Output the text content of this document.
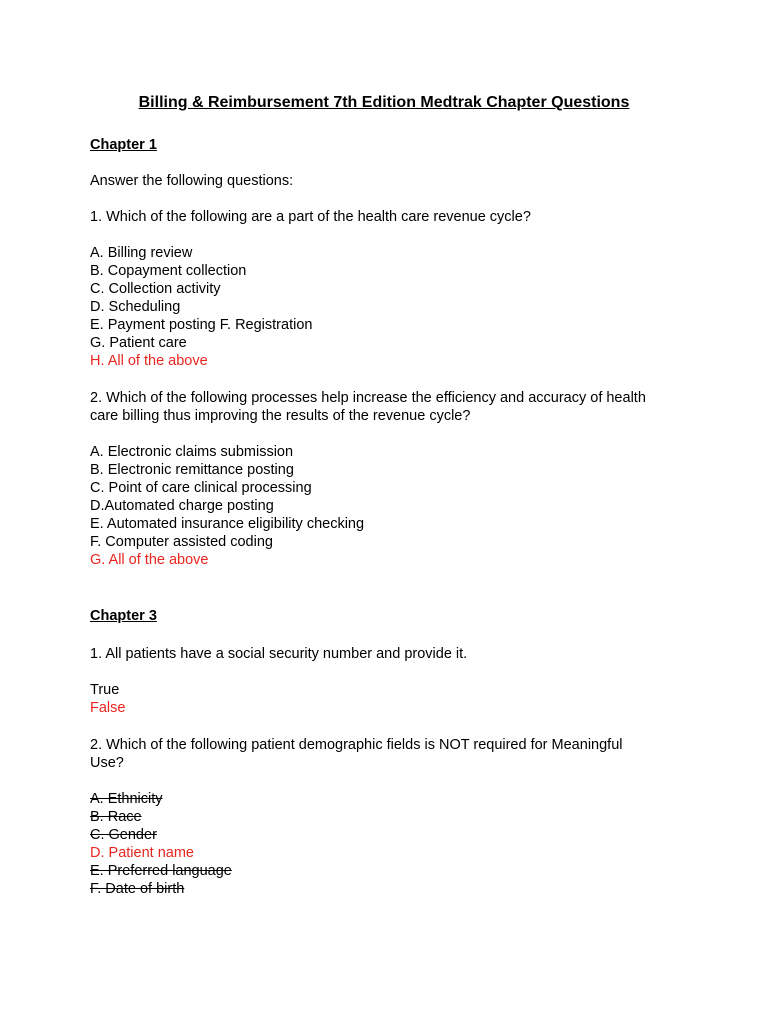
Billing & Reimbursement 7th Edition Medtrak Chapter Questions
Chapter 1
Answer the following questions:
1. Which of the following are a part of the health care revenue cycle?
A. Billing review
B. Copayment collection
C. Collection activity
D. Scheduling
E. Payment posting F. Registration
G. Patient care
H. All of the above
2. Which of the following processes help increase the efficiency and accuracy of health
care billing thus improving the results of the revenue cycle?
A. Electronic claims submission
B. Electronic remittance posting
C. Point of care clinical processing
D.Automated charge posting
E. Automated insurance eligibility checking
F. Computer assisted coding
G. All of the above
Chapter 3
1. All patients have a social security number and provide it.
True
False
2. Which of the following patient demographic fields is NOT required for Meaningful
Use?
A. Ethnicity
B. Race
C. Gender
D. Patient name
E. Preferred language
F. Date of birth
